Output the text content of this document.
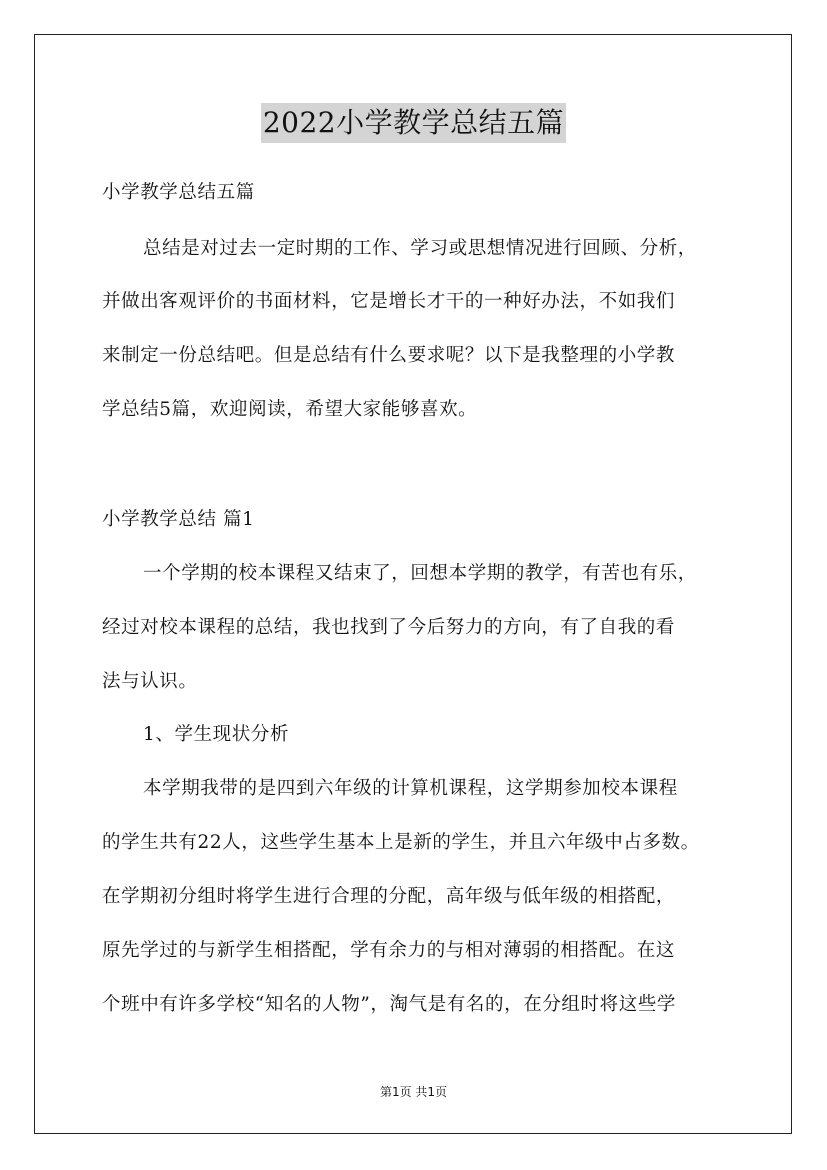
2022小学教学总结五篇
小学教学总结五篇
总结是对过去一定时期的工作、学习或思想情况进行回顾、分析，
并做出客观评价的书面材料，它是增长才干的一种好办法，不如我们
来制定一份总结吧。但是总结有什么要求呢？以下是我整理的小学教
学总结5篇，欢迎阅读，希望大家能够喜欢。
小学教学总结 篇1
一个学期的校本课程又结束了，回想本学期的教学，有苦也有乐，
经过对校本课程的总结，我也找到了今后努力的方向，有了自我的看
法与认识。
1、学生现状分析
本学期我带的是四到六年级的计算机课程，这学期参加校本课程
的学生共有22人，这些学生基本上是新的学生，并且六年级中占多数。
在学期初分组时将学生进行合理的分配，高年级与低年级的相搭配，
原先学过的与新学生相搭配，学有余力的与相对薄弱的相搭配。在这
个班中有许多学校“知名的人物”，淘气是有名的，在分组时将这些学
第1页 共1页
